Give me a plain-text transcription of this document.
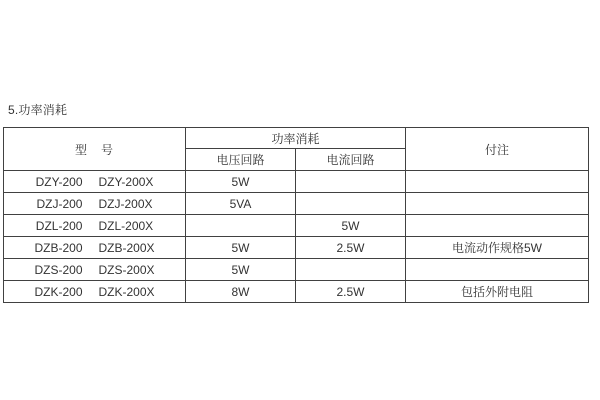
5.功率消耗
型　号	功率消耗		付注
	电压回路	电流回路	
DZY-200 DZY-200X	5W		
DZJ-200 DZJ-200X	5VA		
DZL-200 DZL-200X		5W	
DZB-200 DZB-200X	5W	2.5W	电流动作规格5W
DZS-200 DZS-200X	5W		
DZK-200 DZK-200X	8W	2.5W	包括外附电阻
